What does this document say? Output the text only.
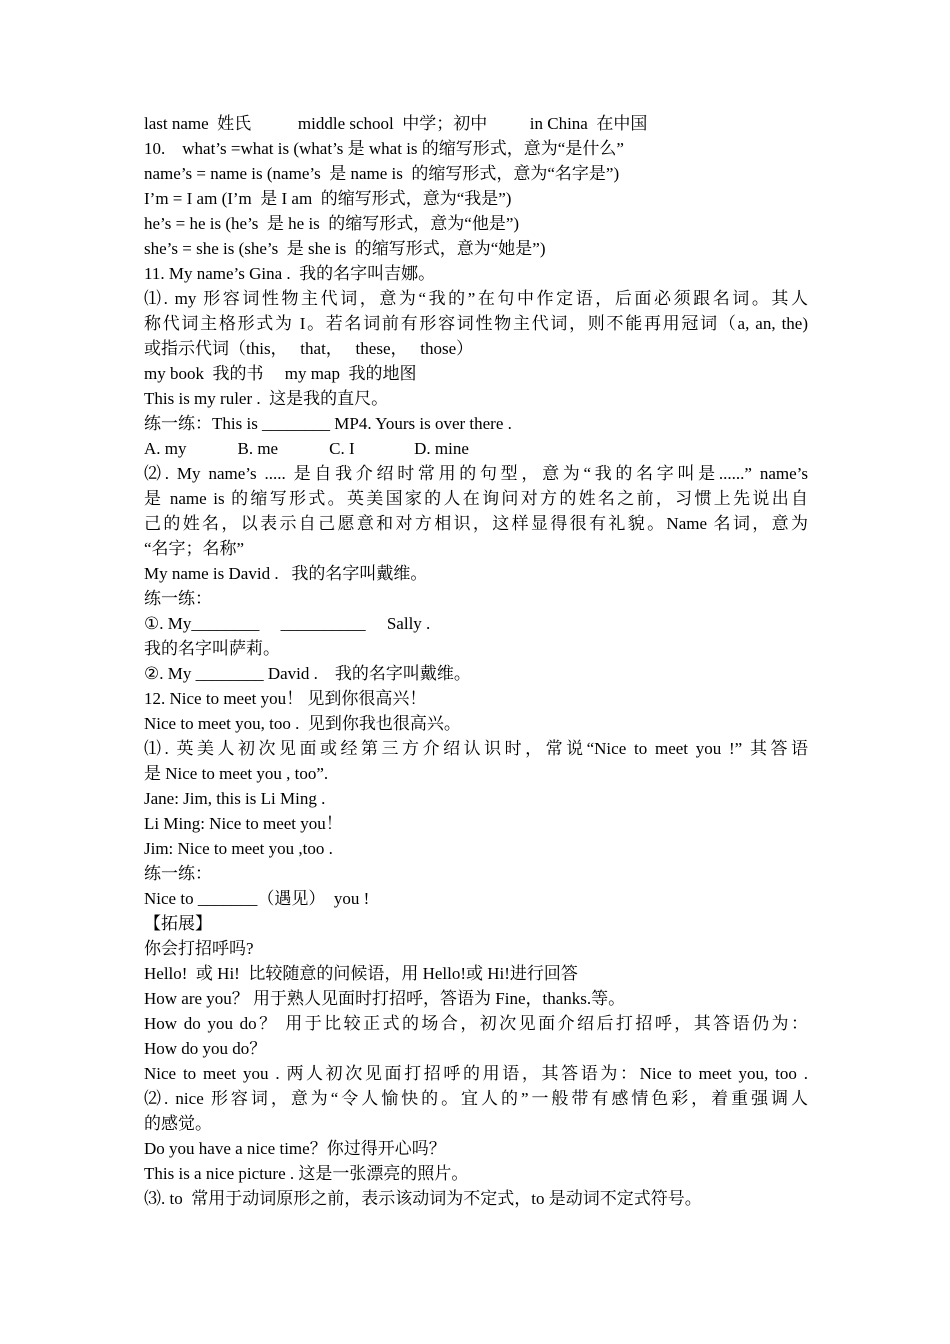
last name  姓氏           middle school  中学；初中          in China  在中国
10.    what’s =what is (what’s 是 what is 的缩写形式，意为“是什么”
name’s = name is (name’s  是 name is  的缩写形式，意为“名字是”)
I’m = I am (I’m  是 I am  的缩写形式，意为“我是”)
he’s = he is (he’s  是 he is  的缩写形式，意为“他是”)
she’s = she is (she’s  是 she is  的缩写形式，意为“她是”)
11. My name’s Gina .  我的名字叫吉娜。
⑴. my 形容词性物主代词，意为“我的”在句中作定语，后面必须跟名词。其人
称代词主格形式为 I。若名词前有形容词性物主代词，则不能再用冠词（a, an, the)
或指示代词（this，   that，   these，   those）
my book  我的书     my map  我的地图
This is my ruler .  这是我的直尺。
练一练：This is ________ MP4. Yours is over there .
A. my            B. me            C. I              D. mine
⑵. My name’s ..... 是自我介绍时常用的句型，意为“我的名字叫是......” name’s
是 name is 的缩写形式。英美国家的人在询问对方的姓名之前，习惯上先说出自
己的姓名，以表示自己愿意和对方相识，这样显得很有礼貌。Name 名词，意为
“名字；名称”
My name is David .   我的名字叫戴维。
练一练：
①. My________     __________     Sally .
我的名字叫萨莉。
②. My ________ David .    我的名字叫戴维。
12. Nice to meet you！ 见到你很高兴！
Nice to meet you, too .  见到你我也很高兴。
⑴. 英美人初次见面或经第三方介绍认识时，常说“Nice to meet you !” 其答语
是 Nice to meet you , too”.
Jane: Jim, this is Li Ming .
Li Ming: Nice to meet you！
Jim: Nice to meet you ,too .
练一练：
Nice to _______（遇见）  you !
【拓展】
你会打招呼吗?
Hello!  或 Hi!  比较随意的问候语，用 Hello!或 Hi!进行回答
How are you？ 用于熟人见面时打招呼，答语为 Fine，thanks.等。
How do you do？ 用于比较正式的场合，初次见面介绍后打招呼，其答语仍为：
How do you do？
Nice to meet you . 两人初次见面打招呼的用语，其答语为：Nice to meet you, too .
⑵. nice 形容词，意为“令人愉快的。宜人的”一般带有感情色彩，着重强调人
的感觉。
Do you have a nice time？你过得开心吗？
This is a nice picture . 这是一张漂亮的照片。
⑶. to  常用于动词原形之前，表示该动词为不定式，to 是动词不定式符号。
